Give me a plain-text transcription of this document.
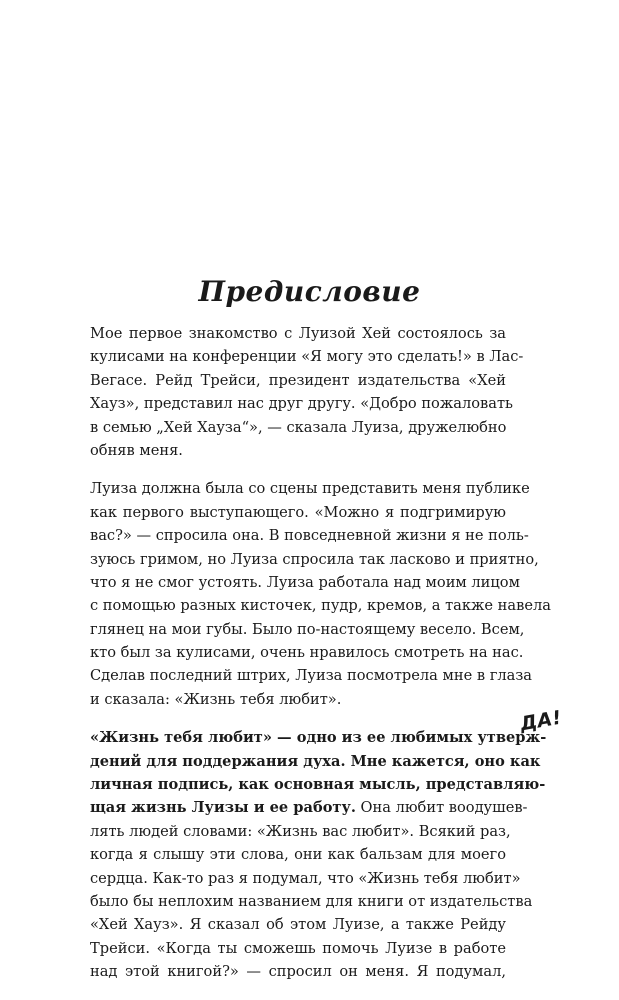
Предисловие
Мое первое знакомство с Луизой Хей состоялось за
кулисами на конференции «Я могу это сделать!» в Лас-
Вегасе. Рейд Трейси, президент издательства «Хей
Хауз», представил нас друг другу. «Добро пожаловать
в семью „Хей Хауза“», — сказала Луиза, дружелюбно
обняв меня.
Луиза должна была со сцены представить меня публике
как первого выступающего. «Можно я подгримирую
вас?» — спросила она. В повседневной жизни я не поль-
зуюсь гримом, но Луиза спросила так ласково и приятно,
что я не смог устоять. Луиза работала над моим лицом
с помощью разных кисточек, пудр, кремов, а также навела
глянец на мои губы. Было по-настоящему весело. Всем,
кто был за кулисами, очень нравилось смотреть на нас.
Сделав последний штрих, Луиза посмотрела мне в глаза
и сказала: «Жизнь тебя любит».
«Жизнь тебя любит» — одно из ее любимых утверж-
дений для поддержания духа. Мне кажется, оно как
личная подпись, как основная мысль, представляю-
щая жизнь Луизы и ее работу. Она любит воодушев-
лять людей словами: «Жизнь вас любит». Всякий раз,
когда я слышу эти слова, они как бальзам для моего
сердца. Как-то раз я подумал, что «Жизнь тебя любит»
было бы неплохим названием для книги от издательства
«Хей Хауз». Я сказал об этом Луизе, а также Рейду
Трейси. «Когда ты сможешь помочь Луизе в работе
над этой книгой?» — спросил он меня. Я подумал,
ДА!
